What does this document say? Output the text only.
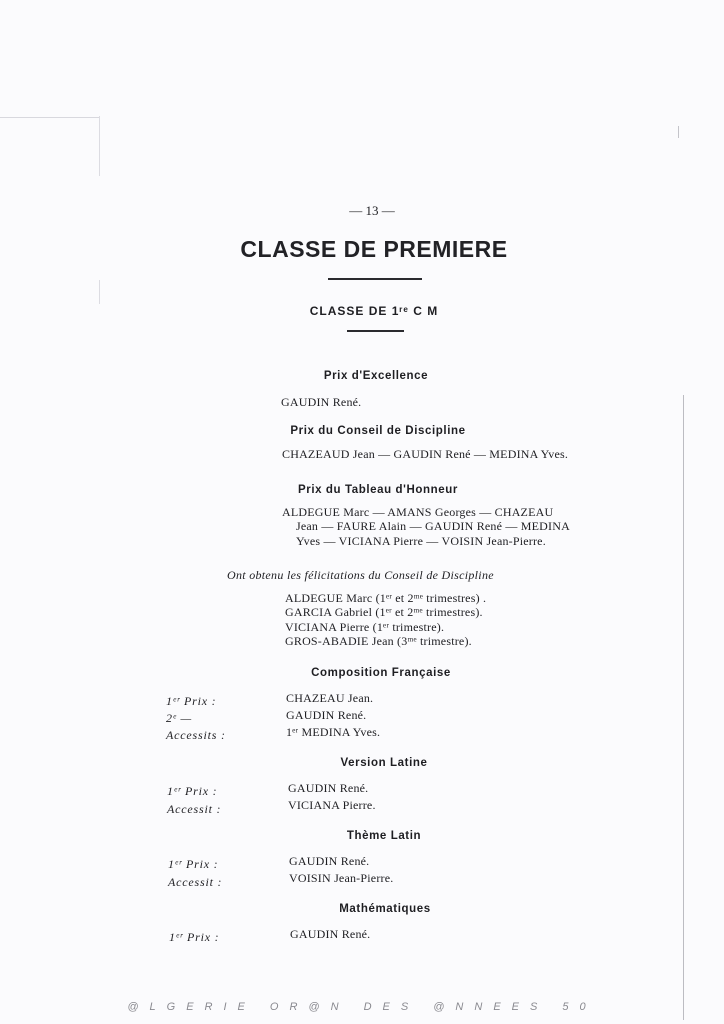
— 13 —
CLASSE DE PREMIERE
CLASSE DE 1ʳᵉ C M
Prix d'Excellence
GAUDIN René.
Prix du Conseil de Discipline
CHAZEAUD Jean — GAUDIN René — MEDINA Yves.
Prix du Tableau d'Honneur
ALDEGUE Marc — AMANS Georges — CHAZEAU
Jean — FAURE Alain — GAUDIN René — MEDINA
Yves — VICIANA Pierre — VOISIN Jean-Pierre.
Ont obtenu les félicitations du Conseil de Discipline
ALDEGUE Marc (1ᵉʳ et 2ᵐᵉ trimestres) .
GARCIA Gabriel (1ᵉʳ et 2ᵐᵉ trimestres).
VICIANA Pierre (1ᵉʳ trimestre).
GROS-ABADIE Jean (3ᵐᵉ trimestre).
Composition Française
1ᵉʳ Prix :	CHAZEAU Jean.
2ᵉ —	GAUDIN René.
Accessits :	1ᵉʳ MEDINA Yves.
Version Latine
1ᵉʳ Prix :	GAUDIN René.
Accessit :	VICIANA Pierre.
Thème Latin
1ᵉʳ Prix :	GAUDIN René.
Accessit :	VOISIN Jean-Pierre.
Mathématiques
1ᵉʳ Prix :	GAUDIN René.
@LGERIE OR@N DES @NNEES 50
